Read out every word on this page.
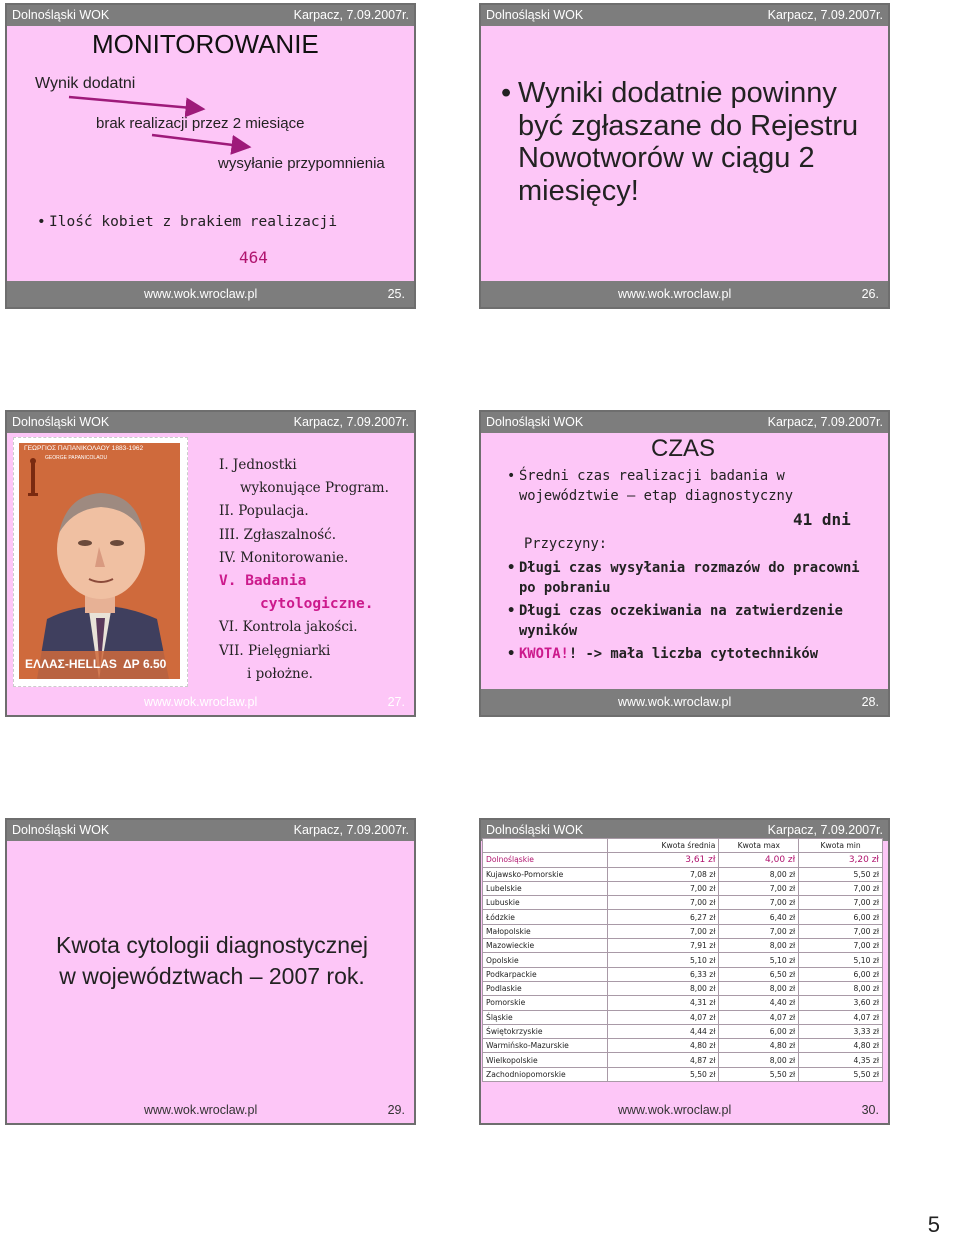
Dolnośląski WOK	Karpacz, 7.09.2007r.
MONITOROWANIE
Wynik dodatni
brak realizacji przez 2 miesiące
wysyłanie przypomnienia
• Ilość kobiet z brakiem realizacji
464
www.wok.wroclaw.pl	25.
Dolnośląski WOK	Karpacz, 7.09.2007r.
• Wyniki dodatnie powinny
być zgłaszane do Rejestru
Nowotworów w ciągu 2
miesięcy!
www.wok.wroclaw.pl	26.
Dolnośląski WOK	Karpacz, 7.09.2007r.
ΓΕΩΡΓΙΟΣ ΠΑΠΑΝΙΚΟΛΑΟΥ 1883-1962
GEORGE PAPANICOLAOU
ΕΛΛΑΣ-HELLAS ΔΡ 6.50
I. Jednostki
wykonujące Program.
II. Populacja.
III. Zgłaszalność.
IV. Monitorowanie.
V. Badania
cytologiczne.
VI. Kontrola jakości.
VII. Pielęgniarki
i położne.
www.wok.wroclaw.pl	27.
Dolnośląski WOK	Karpacz, 7.09.2007r.
CZAS
• Średni czas realizacji badania w
województwie – etap diagnostyczny
41 dni
Przyczyny:
• Długi czas wysyłania rozmazów do pracowni
po pobraniu
• Długi czas oczekiwania na zatwierdzenie
wyników
• KWOTA!! -> mała liczba cytotechników
www.wok.wroclaw.pl	28.
Dolnośląski WOK	Karpacz, 7.09.2007r.
Kwota cytologii diagnostycznej
w województwach – 2007 rok.
www.wok.wroclaw.pl	29.
Dolnośląski WOK	Karpacz, 7.09.2007r.
	Kwota średnia	Kwota max	Kwota min
Dolnośląskie	3,61 zł	4,00 zł	3,20 zł
Kujawsko-Pomorskie	7,08 zł	8,00 zł	5,50 zł
Lubelskie	7,00 zł	7,00 zł	7,00 zł
Lubuskie	7,00 zł	7,00 zł	7,00 zł
Łódzkie	6,27 zł	6,40 zł	6,00 zł
Małopolskie	7,00 zł	7,00 zł	7,00 zł
Mazowieckie	7,91 zł	8,00 zł	7,00 zł
Opolskie	5,10 zł	5,10 zł	5,10 zł
Podkarpackie	6,33 zł	6,50 zł	6,00 zł
Podlaskie	8,00 zł	8,00 zł	8,00 zł
Pomorskie	4,31 zł	4,40 zł	3,60 zł
Śląskie	4,07 zł	4,07 zł	4,07 zł
Świętokrzyskie	4,44 zł	6,00 zł	3,33 zł
Warmińsko-Mazurskie	4,80 zł	4,80 zł	4,80 zł
Wielkopolskie	4,87 zł	8,00 zł	4,35 zł
Zachodniopomorskie	5,50 zł	5,50 zł	5,50 zł
www.wok.wroclaw.pl	30.
5
